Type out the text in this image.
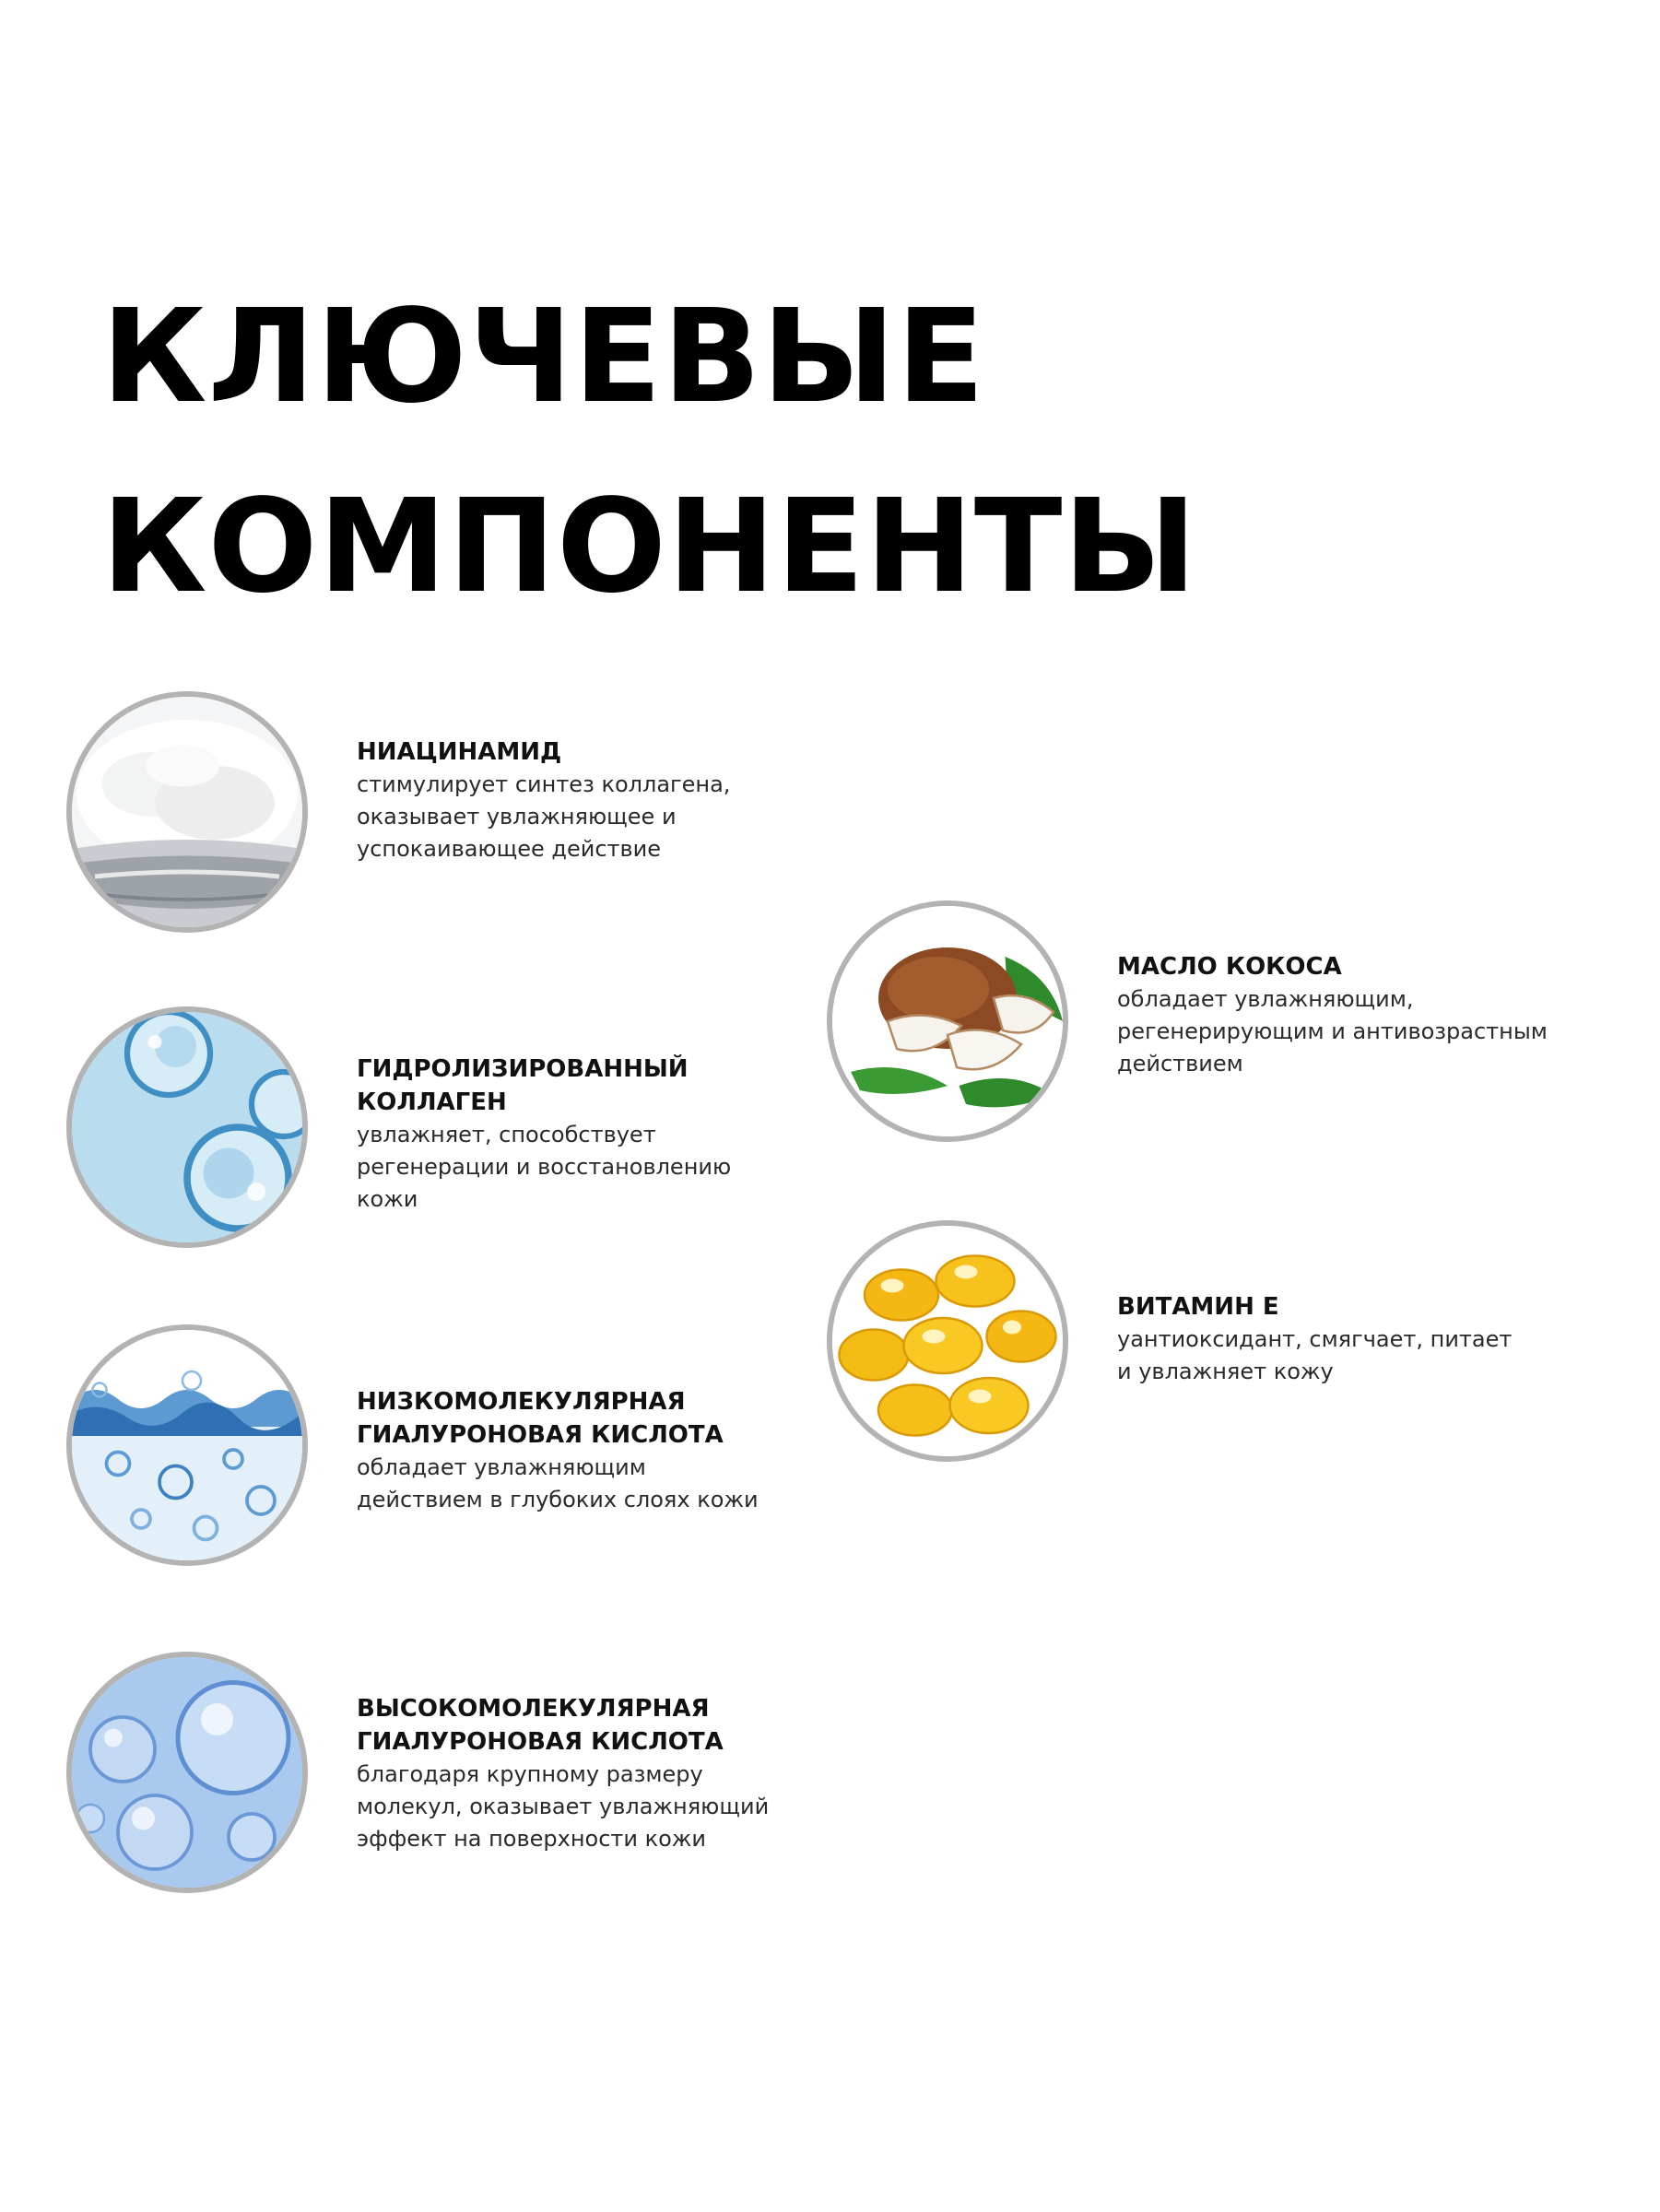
КЛЮЧЕВЫЕ
КОМПОНЕНТЫ

НИАЦИНАМИД

стимулирует синтез коллагена,
оказывает увлажняющее и
успокаивающее действие

ГИДРОЛИЗИРОВАННЫЙ
КОЛЛАГЕН

увлажняет, способствует
регенерации и восстановлению
кожи

НИЗКОМОЛЕКУЛЯРНАЯ
ГИАЛУРОНОВАЯ КИСЛОТА

обладает увлажняющим
действием в глубоких слоях кожи

ВЫСОКОМОЛЕКУЛЯРНАЯ
ГИАЛУРОНОВАЯ КИСЛОТА

благодаря крупному размеру
молекул, оказывает увлажняющий
эффект на поверхности кожи

МАСЛО КОКОСА

обладает увлажняющим,
регенерирующим и антивозрастным
действием

ВИТАМИН Е

уантиоксидант, смягчает, питает
и увлажняет кожу
